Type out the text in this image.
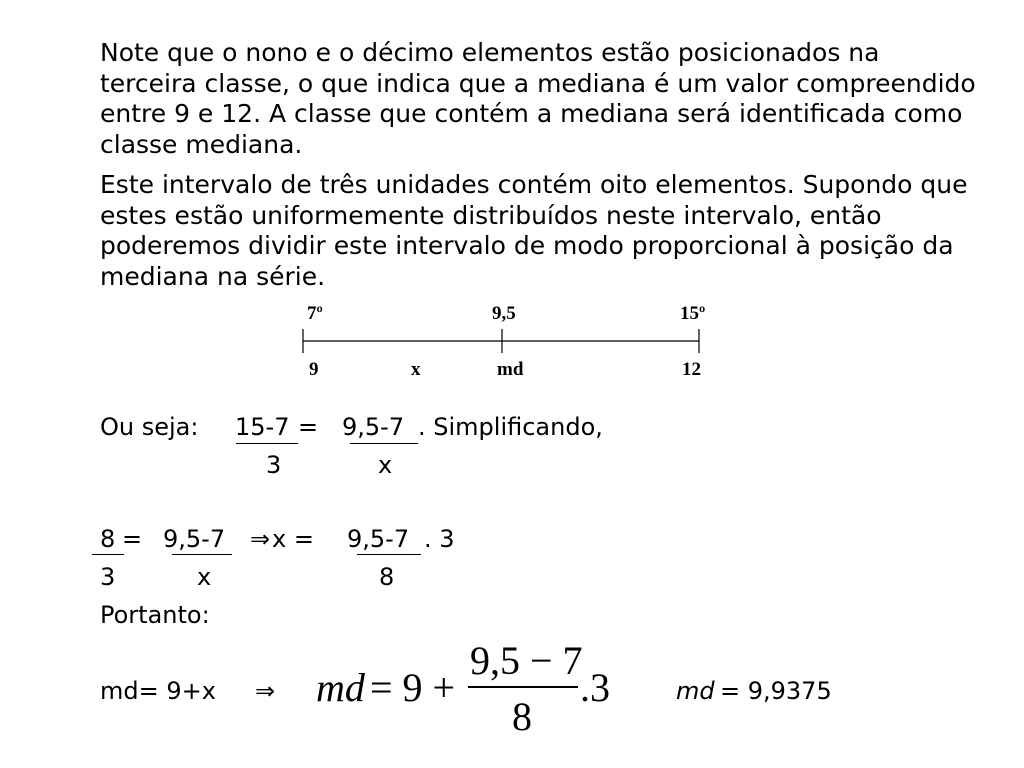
Note que o nono e o décimo elementos estão posicionados na terceira classe, o que indica que a mediana é um valor compreendido entre 9 e 12. A classe que contém a mediana será identificada como classe mediana.

Este intervalo de três unidades contém oito elementos. Supondo que estes estão uniformemente distribuídos neste intervalo, então poderemos dividir este intervalo de modo proporcional à posição da mediana na série.

7º	9,5	15º
9	x	md	12
Ou seja: 15-7 = 9,5-7 . Simplificando,
3	x
8 = 9,5-7 ⇒ x = 9,5-7 . 3
3	x	8
Portanto:
md= 9+x ⇒ md = 9 +
9,5 − 7
8
.3	md = 9,9375
